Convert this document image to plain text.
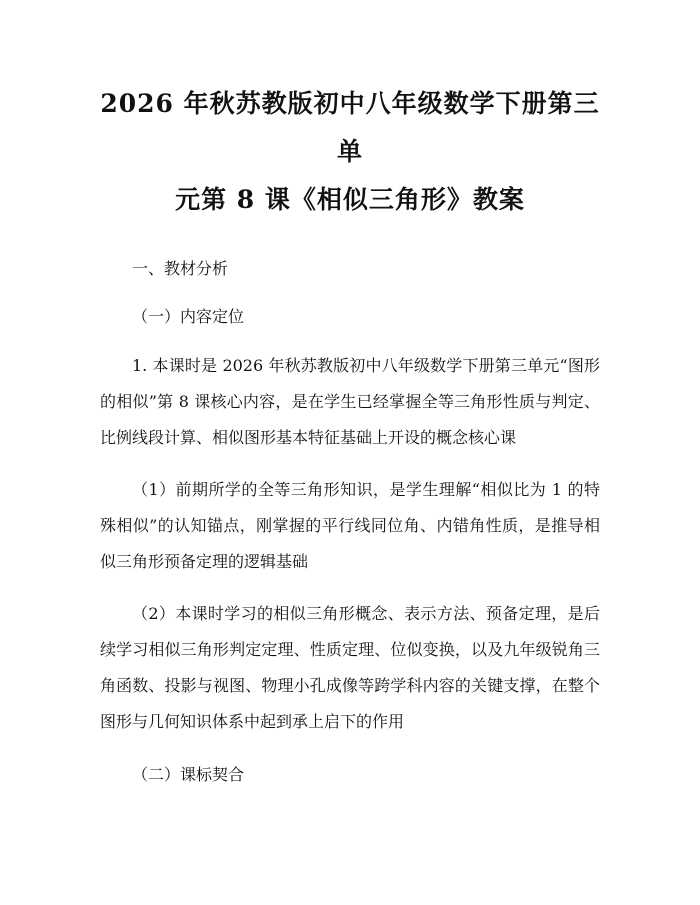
2026 年秋苏教版初中八年级数学下册第三单
元第 8 课《相似三角形》教案
一、教材分析
（一）内容定位

1. 本课时是 2026 年秋苏教版初中八年级数学下册第三单元“图形的相似”第 8 课核心内容，是在学生已经掌握全等三角形性质与判定、比例线段计算、相似图形基本特征基础上开设的概念核心课

（1）前期所学的全等三角形知识，是学生理解“相似比为 1 的特殊相似”的认知锚点，刚掌握的平行线同位角、内错角性质，是推导相似三角形预备定理的逻辑基础

（2）本课时学习的相似三角形概念、表示方法、预备定理，是后续学习相似三角形判定定理、性质定理、位似变换，以及九年级锐角三角函数、投影与视图、物理小孔成像等跨学科内容的关键支撑，在整个图形与几何知识体系中起到承上启下的作用

（二）课标契合
